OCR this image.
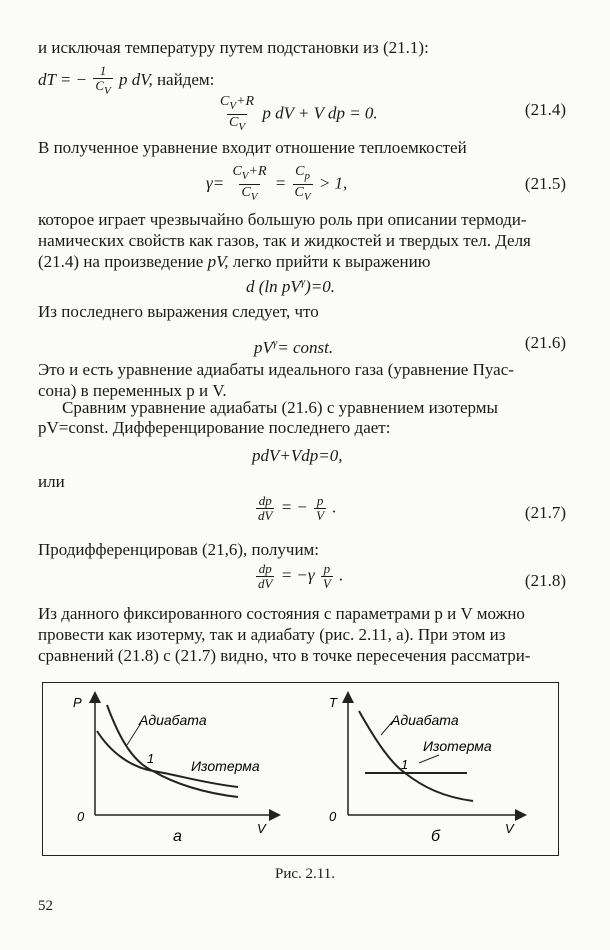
и исключая температуру путем подстановки из (21.1):
dT = − $\frac{1}{C_V}$ p dV, найдем:
$\frac{C_V+R}{C_V}$ p dV + V dp = 0.	(21.4)
В полученное уравнение входит отношение теплоемкостей
$\gamma= \frac{C_V+R}{C_V} = \frac{C_p}{C_V} > 1$,	(21.5)
которое играет чрезвычайно большую роль при описании термоди-
намических свойств как газов, так и жидкостей и твердых тел. Деля
(21.4) на произведение pV, легко прийти к выражению
d (ln $pV^\gamma)=0$.
Из последнего выражения следует, что
$pV^\gamma=$ const.	(21.6)
Это и есть уравнение адиабаты идеального газа (уравнение Пуас-
сона) в переменных p и V.
Сравним уравнение адиабаты (21.6) с уравнением изотермы
pV=const. Дифференцирование последнего дает:
pdV+Vdp=0,
или
$\frac{dp}{dV}$ = − $\frac{p}{V}$ .	(21.7)
Продифференцировав (21,6), получим:
$\frac{dp}{dV} = -\gamma \frac{p}{V}$ .	(21.8)
Из данного фиксированного состояния с параметрами p и V можно
провести как изотерму, так и адиабату (рис. 2.11, а). При этом из
сравнений (21.8) с (21.7) видно, что в точке пересечения рассматри-
P
V
0
Адиабата
Изотерма
1
а
T
V
0
Адиабата
Изотерма
1
б
Рис. 2.11.
52
